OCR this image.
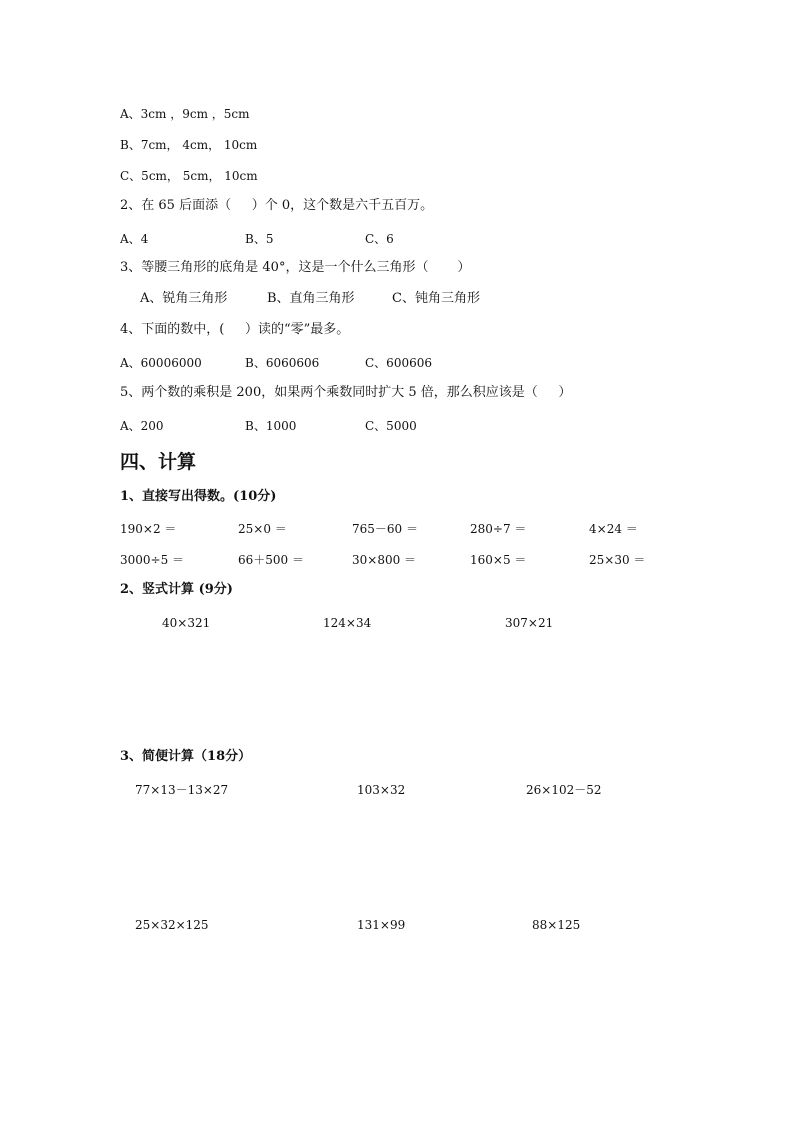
A、3cm ，9cm ，5cm
B、7cm， 4cm， 10cm
C、5cm， 5cm， 10cm
2、在 65 后面添（     ）个 0，这个数是六千五百万。
A、4	B、5	C、6
3、等腰三角形的底角是 40°，这是一个什么三角形（       ）
A、锐角三角形	B、直角三角形	C、钝角三角形
4、下面的数中，(     ）读的“零”最多。
A、60006000	B、6060606	C、600606
5、两个数的乘积是 200，如果两个乘数同时扩大 5 倍，那么积应该是（     ）
A、200	B、1000	C、5000
四、计算
1、直接写出得数。(10分)
190×2 ＝	25×0 ＝	765－60 ＝	280÷7 ＝	4×24 ＝
3000÷5 ＝	66＋500 ＝	30×800 ＝	160×5 ＝	25×30 ＝
2、竖式计算 (9分)
40×321	124×34	307×21
3、简便计算（18分）
77×13－13×27	103×32	26×102－52
25×32×125	131×99	88×125
